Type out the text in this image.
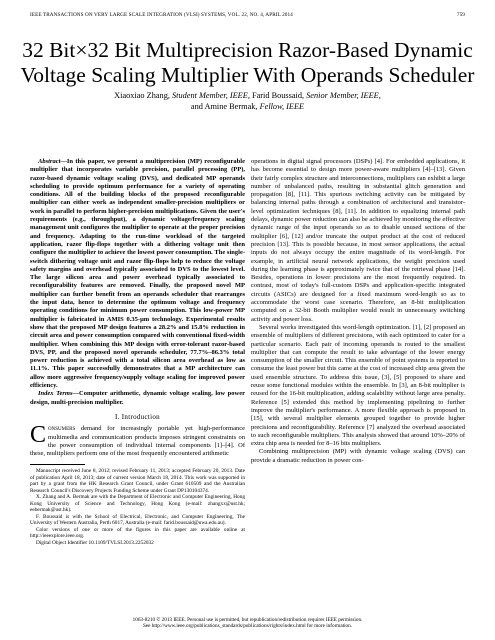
IEEE TRANSACTIONS ON VERY LARGE SCALE INTEGRATION (VLSI) SYSTEMS, VOL. 22, NO. 4, APRIL 2014	759
32 Bit×32 Bit Multiprecision Razor-Based Dynamic Voltage Scaling Multiplier With Operands Scheduler
Xiaoxiao Zhang, Student Member, IEEE, Farid Boussaid, Senior Member, IEEE,
and Amine Bermak, Fellow, IEEE

Abstract—In this paper, we present a multiprecision (MP) reconfigurable multiplier that incorporates variable precision, parallel processing (PP), razor-based dynamic voltage scaling (DVS), and dedicated MP operands scheduling to provide optimum performance for a variety of operating conditions. All of the building blocks of the proposed reconfigurable multiplier can either work as independent smaller-precision multipliers or work in parallel to perform higher-precision multiplications. Given the user's requirements (e.g., throughput), a dynamic voltage/frequency scaling management unit configures the multiplier to operate at the proper precision and frequency. Adapting to the run-time workload of the targeted application, razor flip-flops together with a dithering voltage unit then configure the multiplier to achieve the lowest power consumption. The single-switch dithering voltage unit and razor flip-flops help to reduce the voltage safety margins and overhead typically associated to DVS to the lowest level. The large silicon area and power overhead typically associated to reconfigurability features are removed. Finally, the proposed novel MP multiplier can further benefit from an operands scheduler that rearranges the input data, hence to determine the optimum voltage and frequency operating conditions for minimum power consumption. This low-power MP multiplier is fabricated in AMIS 0.35-μm technology. Experimental results show that the proposed MP design features a 28.2% and 15.8% reduction in circuit area and power consumption compared with conventional fixed-width multiplier. When combining this MP design with error-tolerant razor-based DVS, PP, and the proposed novel operands scheduler, 77.7%–86.3% total power reduction is achieved with a total silicon area overhead as low as 11.1%. This paper successfully demonstrates that a MP architecture can allow more aggressive frequency/supply voltage scaling for improved power efficiency.

Index Terms—Computer arithmetic, dynamic voltage scaling, low power design, multi-precision multiplier.

I. Introduction

Consumers demand for increasingly portable yet high-performance multimedia and communication products imposes stringent constraints on the power consumption of individual internal components [1]–[4]. Of these, multipliers perform one of the most frequently encountered arithmetic

Manuscript received June 8, 2012; revised February 11, 2013; accepted February 20, 2013. Date of publication April 18, 2013; date of current version March 18, 2014. This work was supported in part by a grant from the HK Research Grant Council, under Grant 610509 and the Australian Research Council's Discovery Projects Funding Scheme under Grant DP130104374.

X. Zhang and A. Bermak are with the Department of Electronic and Computer Engineering, Hong Kong University of Science and Technology, Hong Kong (e-mail: zhangxx@ust.hk; eebermak@ust.hk).

F. Boussaid is with the School of Electrical, Electronic, and Computer Engineering, The University of Western Australia, Perth 6017, Australia (e-mail: farid.boussaid@uwa.edu.au).

Color versions of one or more of the figures in this paper are available online at http://ieeexplore.ieee.org.

Digital Object Identifier 10.1109/TVLSI.2013.2252032

operations in digital signal processors (DSPs) [4]. For embedded applications, it has become essential to design more power-aware multipliers [4]–[13]. Given their fairly complex structure and interconnections, multipliers can exhibit a large number of unbalanced paths, resulting in substantial glitch generation and propagation [8], [11]. This spurious switching activity can be mitigated by balancing internal paths through a combination of architectural and transistor-level optimization techniques [8], [11]. In addition to equalizing internal path delays, dynamic power reduction can also be achieved by monitoring the effective dynamic range of the input operands so as to disable unused sections of the multiplier [6], [12] and/or truncate the output product at the cost of reduced precision [13]. This is possible because, in most sensor applications, the actual inputs do not always occupy the entire magnitude of its word-length. For example, in artificial neural network applications, the weight precision used during the learning phase is approximately twice that of the retrieval phase [14]. Besides, operations in lower precisions are the most frequently required. In contrast, most of today's full-custom DSPs and application-specific integrated circuits (ASICs) are designed for a fixed maximum word-length so as to accommodate the worst case scenario. Therefore, an 8-bit multiplication computed on a 32-bit Booth multiplier would result in unnecessary switching activity and power loss.

Several works investigated this word-length optimization. [1], [2] proposed an ensemble of multipliers of different precisions, with each optimized to cater for a particular scenario. Each pair of incoming operands is routed to the smallest multiplier that can compute the result to take advantage of the lower energy consumption of the smaller circuit. This ensemble of point systems is reported to consume the least power but this came at the cost of increased chip area given the used ensemble structure. To address this issue, [3], [5] proposed to share and reuse some functional modules within the ensemble. In [3], an 8-bit multiplier is reused for the 16-bit multiplication, adding scalability without large area penalty. Reference [5] extended this method by implementing pipelining to further improve the multiplier's performance. A more flexible approach is proposed in [15], with several multiplier elements grouped together to provide higher precisions and reconfigurability. Reference [7] analyzed the overhead associated to such reconfigurable multipliers. This analysis showed that around 10%–20% of extra chip area is needed for 8–16 bits multipliers.

Combining multiprecision (MP) with dynamic voltage scaling (DVS) can provide a dramatic reduction in power con-

1063-8210 © 2013 IEEE. Personal use is permitted, but republication/redistribution requires IEEE permission.
See http://www.ieee.org/publications_standards/publications/rights/index.html for more information.
